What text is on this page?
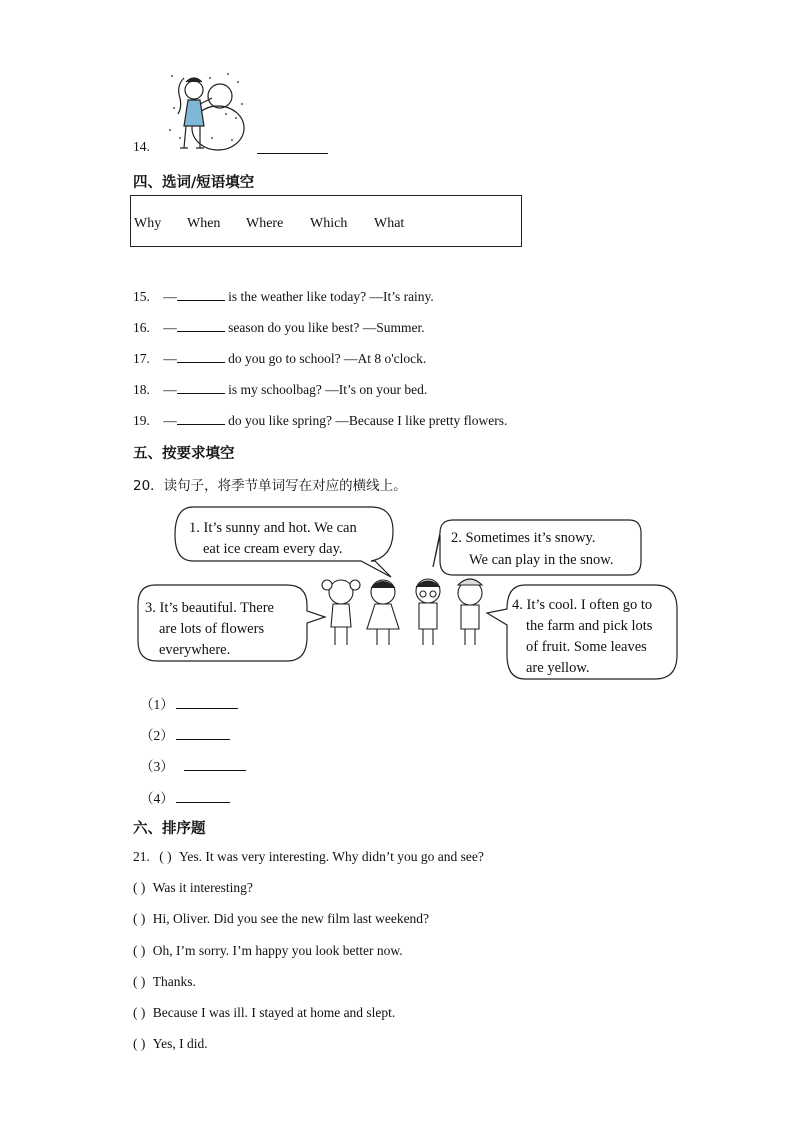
14.
四、选词/短语填空
Why When Where Which What
15. —	is the weather like today? —It’s rainy.
16. —	season do you like best? —Summer.
17. —	do you go to school? —At 8 o'clock.
18. —	is my schoolbag? —It’s on your bed.
19. —	do you like spring? —Because I like pretty flowers.
五、按要求填空
20．读句子，将季节单词写在对应的横线上。
1. It’s sunny and hot. We can
eat ice cream every day.
2. Sometimes it’s snowy.
We can play in the snow.
3. It’s beautiful. There
are lots of flowers
everywhere.
4. It’s cool. I often go to
the farm and pick lots
of fruit. Some leaves
are yellow.
（1）
（2）
（3）
（4）
六、排序题
21. ( ) Yes. It was very interesting. Why didn’t you go and see?
( ) Was it interesting?
( ) Hi, Oliver. Did you see the new film last weekend?
( ) Oh, I’m sorry. I’m happy you look better now.
( ) Thanks.
( ) Because I was ill. I stayed at home and slept.
( ) Yes, I did.
